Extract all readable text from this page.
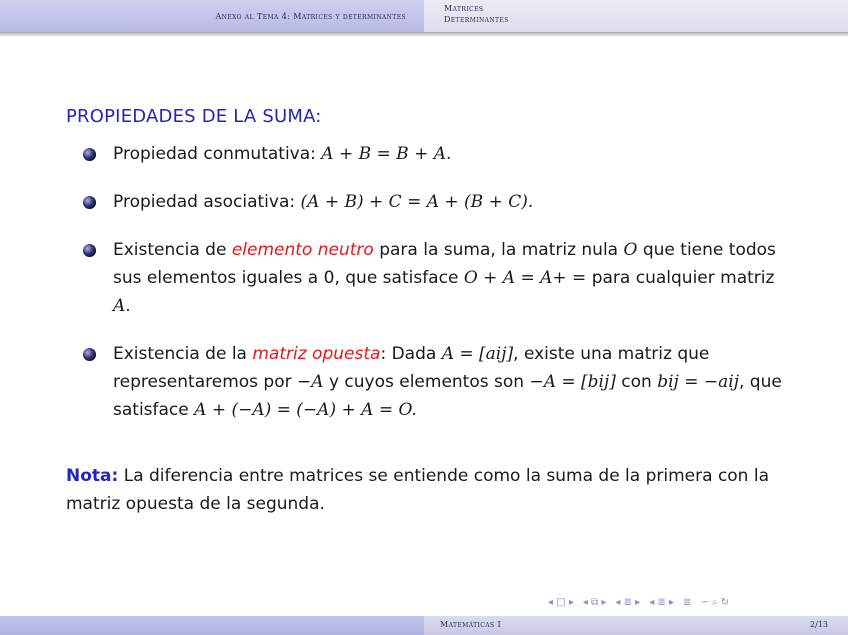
Anexo al Tema 4: Matrices y determinantes
Matrices
Determinantes
PROPIEDADES DE LA SUMA:
Propiedad conmutativa: A + B = B + A.
Propiedad asociativa: (A + B) + C = A + (B + C).
Existencia de elemento neutro para la suma, la matriz nula O que tiene todos sus elementos iguales a 0, que satisface O + A = A+ = para cualquier matriz A.
Existencia de la matriz opuesta: Dada A = [aij], existe una matriz que representaremos por −A y cuyos elementos son −A = [bij] con bij = −aij, que satisface A + (−A) = (−A) + A = O.
Nota: La diferencia entre matrices se entiende como la suma de la primera con la matriz opuesta de la segunda.
◂ □ ▸ ◂ ⧉ ▸ ◂ ≣ ▸ ◂ ≣ ▸ ≣ ∽ ⌕ ↻
Matemáticas I	2/13
